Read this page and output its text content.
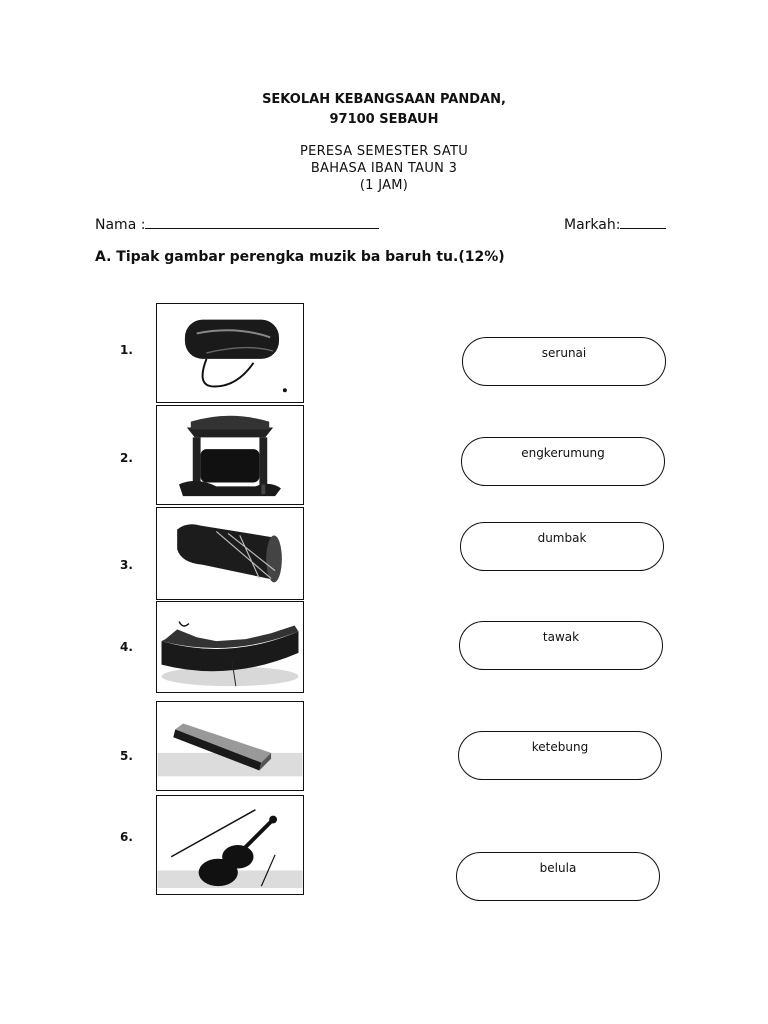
SEKOLAH KEBANGSAAN PANDAN,
97100 SEBAUH
PERESA SEMESTER SATU
BAHASA IBAN TAUN 3
(1 JAM)
Nama :	Markah:
A. Tipak gambar perengka muzik ba baruh tu.(12%)
1.
2.
3.
4.
5.
6.
serunai
engkerumung
dumbak
tawak
ketebung
belula
